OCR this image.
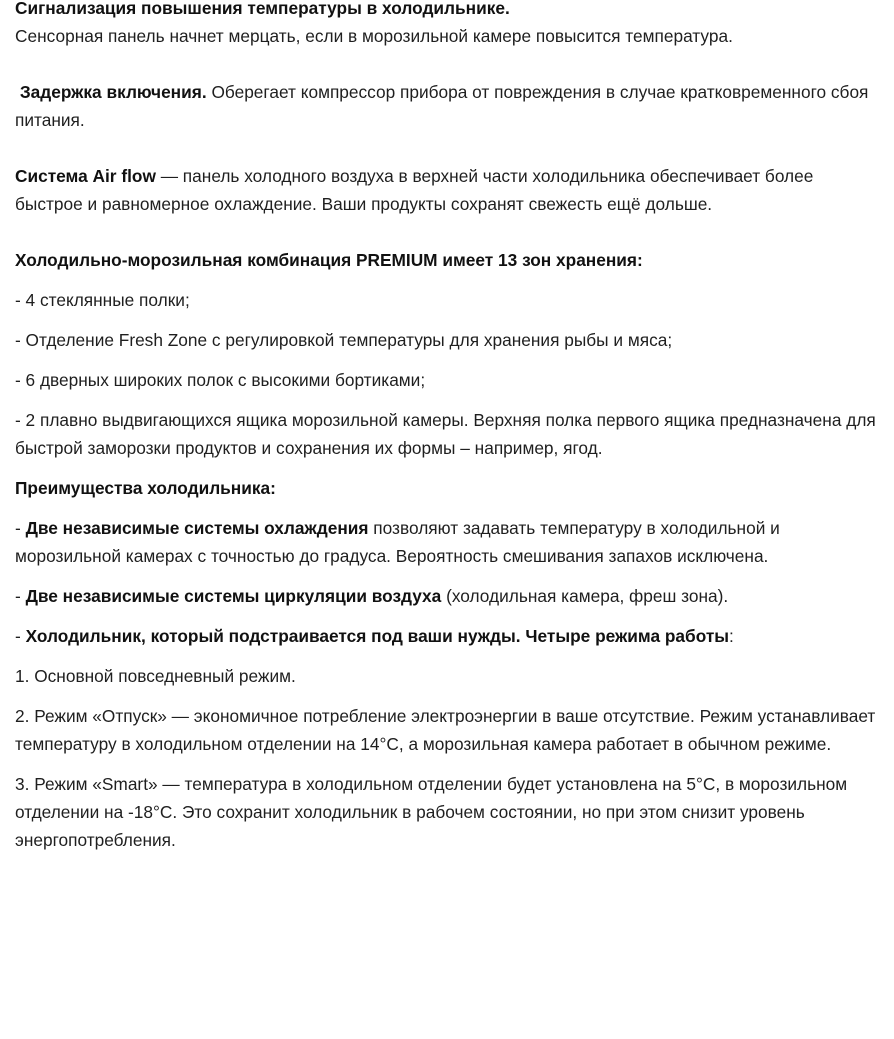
Сигнализация повышения температуры в холодильнике.
Сенсорная панель начнет мерцать, если в морозильной камере повысится температура.

Задержка включения. Оберегает компрессор прибора от повреждения в случае кратковременного сбоя питания.

Система Air flow — панель холодного воздуха в верхней части холодильника обеспечивает более быстрое и равномерное охлаждение. Ваши продукты сохранят свежесть ещё дольше.

Холодильно-морозильная комбинация PREMIUM имеет 13 зон хранения:

- 4 стеклянные полки;

- Отделение Fresh Zone с регулировкой температуры для хранения рыбы и мяса;

- 6 дверных широких полок с высокими бортиками;

- 2 плавно выдвигающихся ящика морозильной камеры. Верхняя полка первого ящика предназначена для быстрой заморозки продуктов и сохранения их формы – например, ягод.

Преимущества холодильника:

- Две независимые системы охлаждения позволяют задавать температуру в холодильной и морозильной камерах с точностью до градуса. Вероятность смешивания запахов исключена.

- Две независимые системы циркуляции воздуха (холодильная камера, фреш зона).

- Холодильник, который подстраивается под ваши нужды. Четыре режима работы:

1. Основной повседневный режим.

2. Режим «Отпуск» — экономичное потребление электроэнергии в ваше отсутствие. Режим устанавливает температуру в холодильном отделении на 14°C, а морозильная камера работает в обычном режиме.

3. Режим «Smart» — температура в холодильном отделении будет установлена на 5°C, в морозильном отделении на -18°C. Это сохранит холодильник в рабочем состоянии, но при этом снизит уровень энергопотребления.
